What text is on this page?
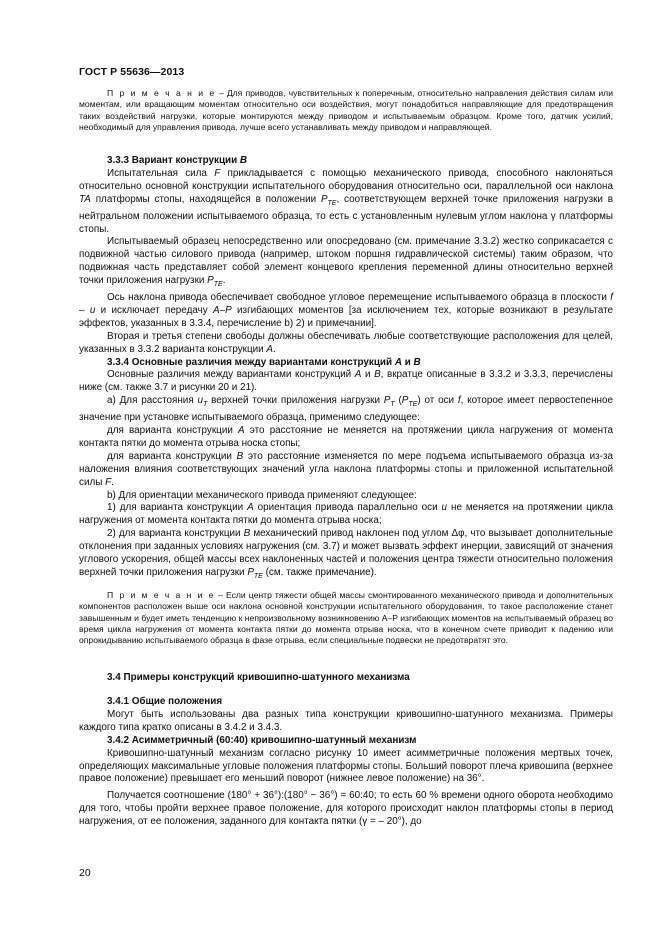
ГОСТ Р 55636—2013

П р и м е ч а н и е – Для приводов, чувствительных к поперечным, относительно направления действия силам или моментам, или вращающим моментам относительно оси воздействия, могут понадобиться направляющие для предотвращения таких воздействий нагрузки, которые монтируются между приводом и испытываемым образцом. Кроме того, датчик усилий, необходимый для управления привода, лучше всего устанавливать между приводом и направляющей.

3.3.3 Вариант конструкции B

Испытательная сила F прикладывается с помощью механического привода, способного наклоняться относительно основной конструкции испытательного оборудования относительно оси, параллельной оси наклона TA платформы стопы, находящейся в положении $P_{TE}$, соответствующем верхней точке приложения нагрузки в нейтральном положении испытываемого образца, то есть с установленным нулевым углом наклона γ платформы стопы.

Испытываемый образец непосредственно или опосредовано (см. примечание 3.3.2) жестко соприкасается с подвижной частью силового привода (например, штоком поршня гидравлической системы) таким образом, что подвижная часть представляет собой элемент концевого крепления переменной длины относительно верхней точки приложения нагрузки $P_{TE}$.

Ось наклона привода обеспечивает свободное угловое перемещение испытываемого образца в плоскости f – u и исключает передачу A–P изгибающих моментов [за исключением тех, которые возникают в результате эффектов, указанных в 3.3.4, перечисление b) 2) и примечании].

Вторая и третья степени свободы должны обеспечивать любые соответствующие расположения для целей, указанных в 3.3.2 варианта конструкции A.

3.3.4 Основные различия между вариантами конструкций A и B

Основные различия между вариантами конструкций A и B, вкратце описанные в 3.3.2 и 3.3.3, перечислены ниже (см. также 3.7 и рисунки 20 и 21).

а) Для расстояния $u_T$ верхней точки приложения нагрузки $P_T$ $(P_{TE})$ от оси f, которое имеет первостепенное значение при установке испытываемого образца, применимо следующее:

для варианта конструкции A это расстояние не меняется на протяжении цикла нагружения от момента контакта пятки до момента отрыва носка стопы;

для варианта конструкции B это расстояние изменяется по мере подъема испытываемого образца из-за наложения влияния соответствующих значений угла наклона платформы стопы и приложенной испытательной силы F.

b) Для ориентации механического привода применяют следующее:

1) для варианта конструкции A ориентация привода параллельно оси u не меняется на протяжении цикла нагружения от момента контакта пятки до момента отрыва носка;

2) для варианта конструкции B механический привод наклонен под углом Δφ, что вызывает дополнительные отклонения при заданных условиях нагружения (см. 3.7) и может вызвать эффект инерции, зависящий от значения углового ускорения, общей массы всех наклоненных частей и положения центра тяжести относительно положения верхней точки приложения нагрузки $P_{TE}$ (см. также примечание).

П р и м е ч а н и е – Если центр тяжести общей массы смонтированного механического привода и дополнительных компонентов расположен выше оси наклона основной конструкции испытательного оборудования, то такое расположение станет завышенным и будет иметь тенденцию к непроизвольному возникновению A–P изгибающих моментов на испытываемый образец во время цикла нагружения от момента контакта пятки до момента отрыва носка, что в конечном счете приводит к падению или опрокидыванию испытываемого образца в фазе отрыва, если специальные подвески не предотвратят это.

3.4 Примеры конструкций кривошипно-шатунного механизма

3.4.1 Общие положения

Могут быть использованы два разных типа конструкции кривошипно-шатунного механизма. Примеры каждого типа кратко описаны в 3.4.2 и 3.4.3.

3.4.2 Асимметричный (60:40) кривошипно-шатунный механизм

Кривошипно-шатунный механизм согласно рисунку 10 имеет асимметричные положения мертвых точек, определяющих максимальные угловые положения платформы стопы. Больший поворот плеча кривошипа (верхнее правое положение) превышает его меньший поворот (нижнее левое положение) на 36°.

Получается соотношение (180° + 36°):(180° − 36°) = 60:40; то есть 60 % времени одного оборота необходимо для того, чтобы пройти верхнее правое положение, для которого происходит наклон платформы стопы в период нагружения, от ее положения, заданного для контакта пятки (γ = – 20°), до

20
